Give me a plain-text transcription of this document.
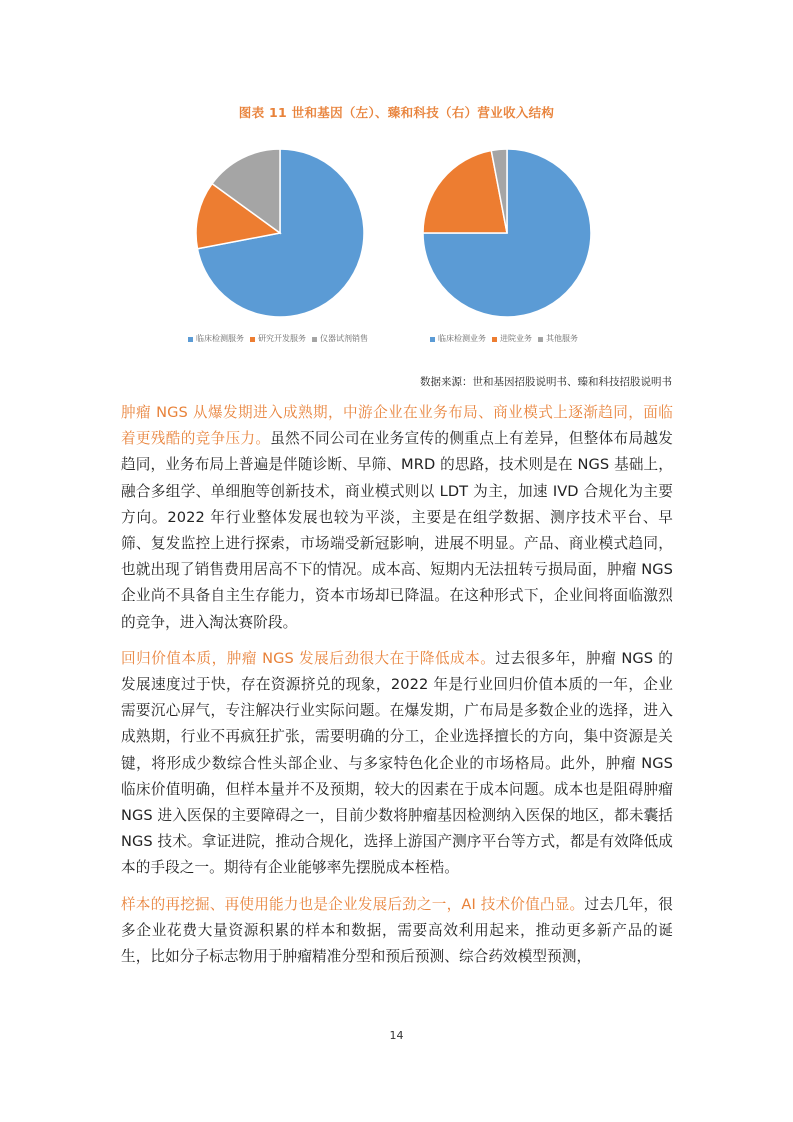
图表 11 世和基因（左）、臻和科技（右）营业收入结构
临床检测服务 研究开发服务 仪器试剂销售	临床检测业务 进院业务 其他服务
数据来源：世和基因招股说明书、臻和科技招股说明书

肿瘤 NGS 从爆发期进入成熟期，中游企业在业务布局、商业模式上逐渐趋同，面临着更残酷的竞争压力。虽然不同公司在业务宣传的侧重点上有差异，但整体布局越发趋同，业务布局上普遍是伴随诊断、早筛、MRD 的思路，技术则是在 NGS 基础上，融合多组学、单细胞等创新技术，商业模式则以 LDT 为主，加速 IVD 合规化为主要方向。2022 年行业整体发展也较为平淡，主要是在组学数据、测序技术平台、早筛、复发监控上进行探索，市场端受新冠影响，进展不明显。产品、商业模式趋同，也就出现了销售费用居高不下的情况。成本高、短期内无法扭转亏损局面，肿瘤 NGS 企业尚不具备自主生存能力，资本市场却已降温。在这种形式下，企业间将面临激烈的竞争，进入淘汰赛阶段。

回归价值本质，肿瘤 NGS 发展后劲很大在于降低成本。过去很多年，肿瘤 NGS 的发展速度过于快，存在资源挤兑的现象，2022 年是行业回归价值本质的一年，企业需要沉心屏气，专注解决行业实际问题。在爆发期，广布局是多数企业的选择，进入成熟期，行业不再疯狂扩张，需要明确的分工，企业选择擅长的方向，集中资源是关键，将形成少数综合性头部企业、与多家特色化企业的市场格局。此外，肿瘤 NGS 临床价值明确，但样本量并不及预期，较大的因素在于成本问题。成本也是阻碍肿瘤 NGS 进入医保的主要障碍之一，目前少数将肿瘤基因检测纳入医保的地区，都未囊括 NGS 技术。拿证进院，推动合规化，选择上游国产测序平台等方式，都是有效降低成本的手段之一。期待有企业能够率先摆脱成本桎梏。

样本的再挖掘、再使用能力也是企业发展后劲之一，AI 技术价值凸显。过去几年，很多企业花费大量资源积累的样本和数据，需要高效利用起来，推动更多新产品的诞生，比如分子标志物用于肿瘤精准分型和预后预测、综合药效模型预测，

14
